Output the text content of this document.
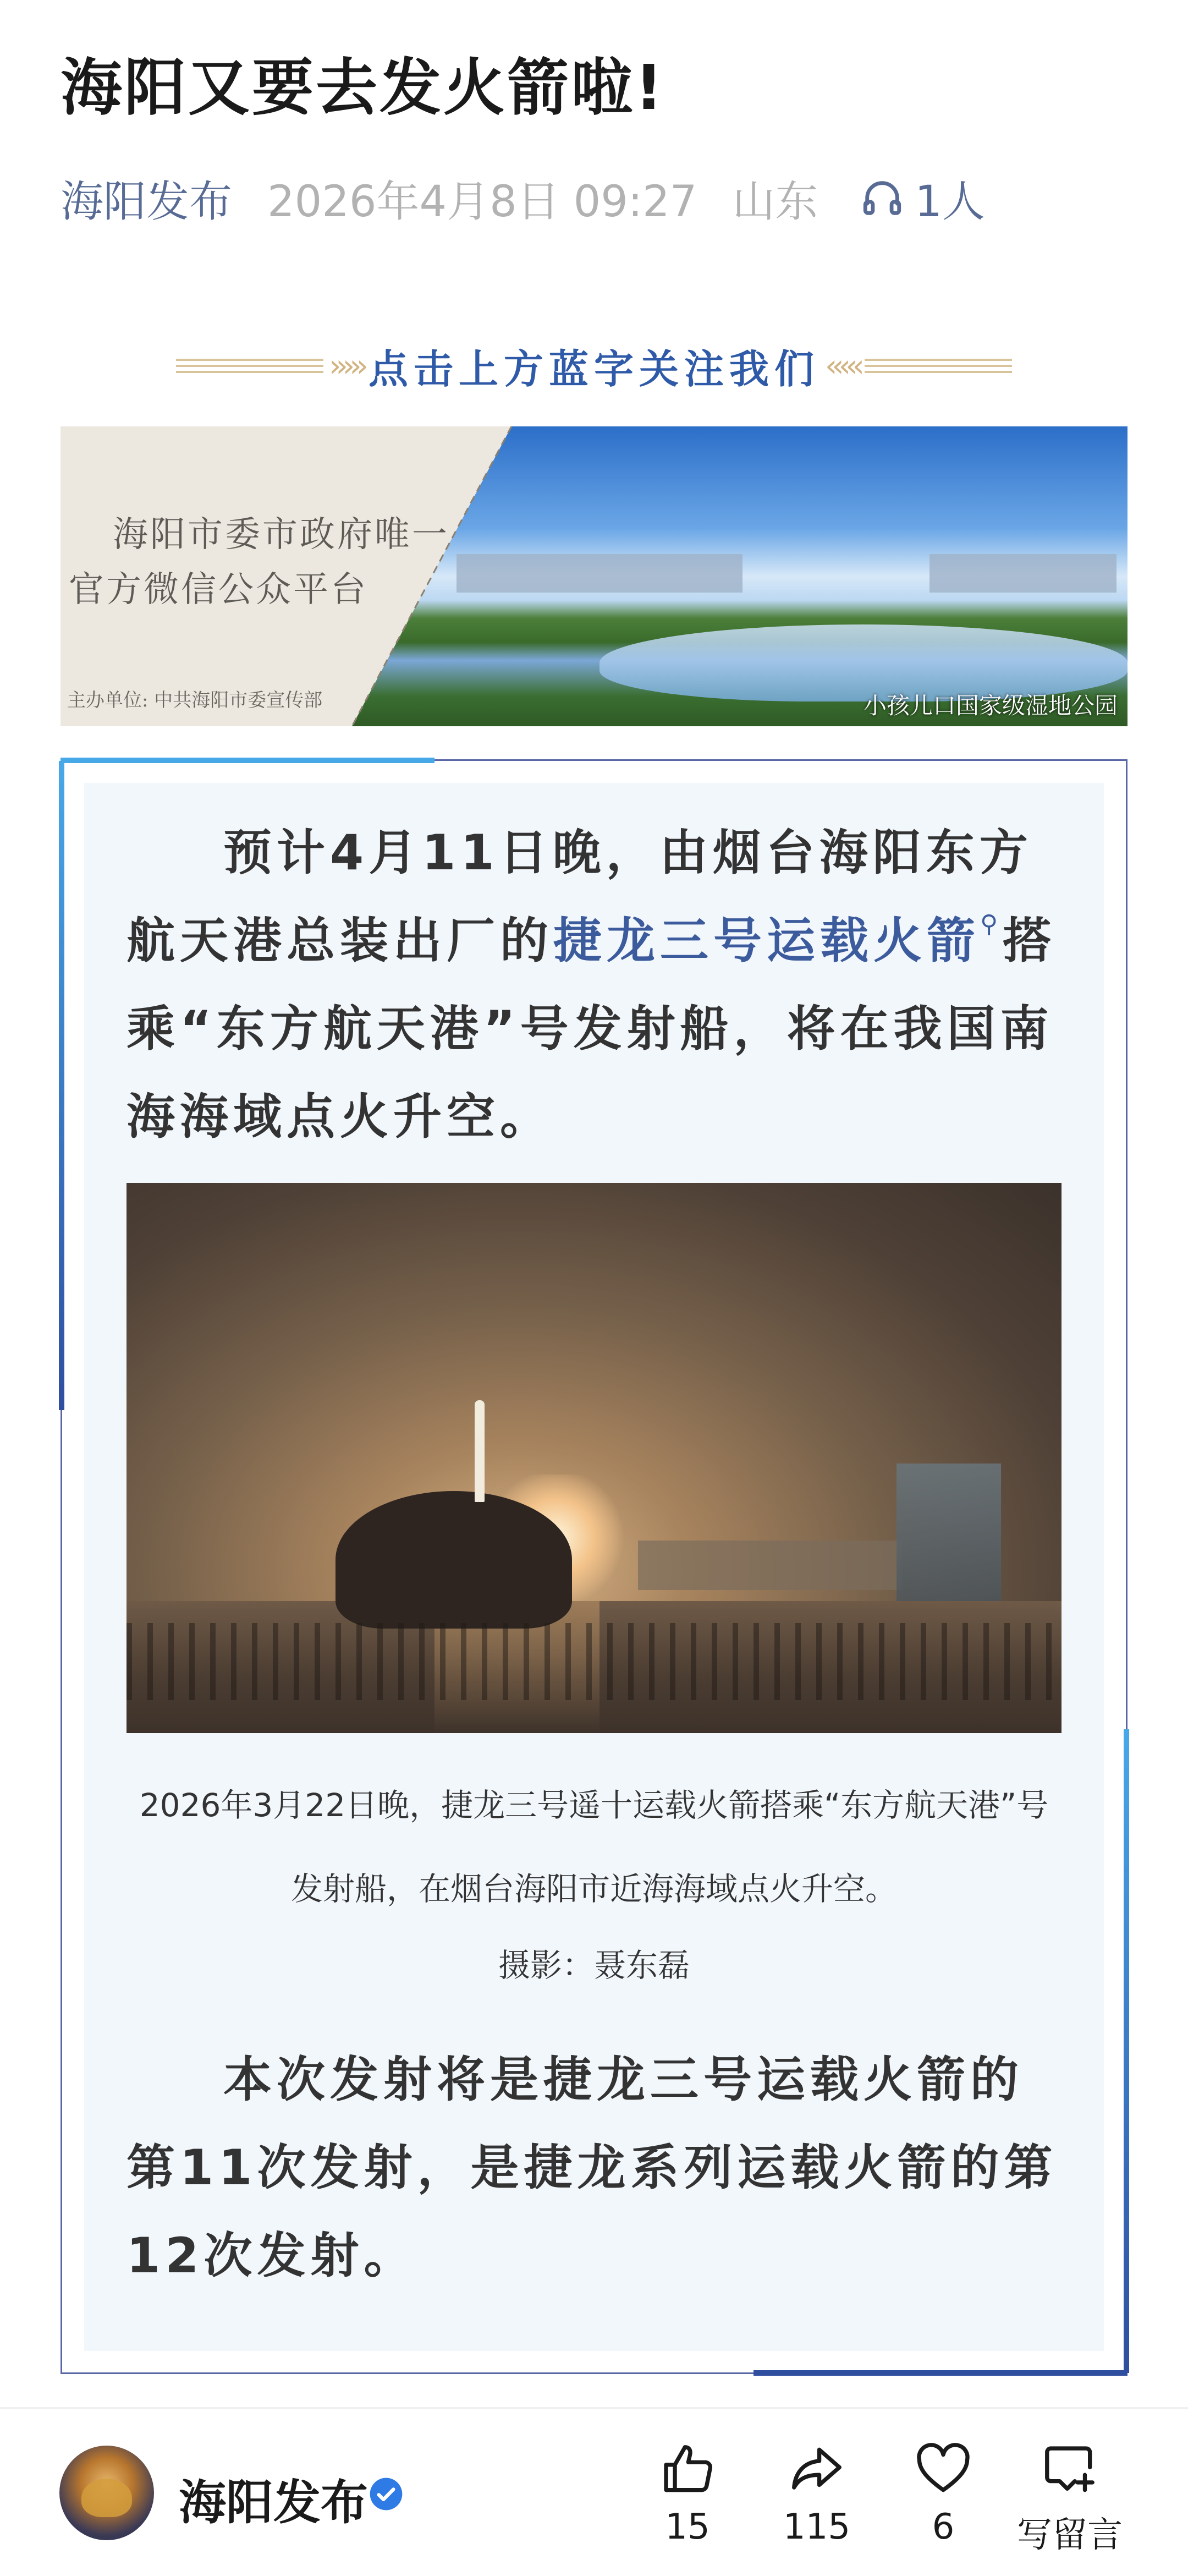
海阳又要去发火箭啦!
海阳发布 2026年4月8日 09:27 山东 1人
››››› 点击上方蓝字关注我们 ‹‹‹‹‹
海阳市委市政府唯一
官方微信公众平台
主办单位: 中共海阳市委宣传部	小孩儿口国家级湿地公园
预计4月11日晚，由烟台海阳东方航天港总装出厂的捷龙三号运载火箭⚲搭乘“东方航天港”号发射船，将在我国南海海域点火升空。
2026年3月22日晚，捷龙三号遥十运载火箭搭乘“东方航天港”号发射船，在烟台海阳市近海海域点火升空。
摄影：聂东磊
本次发射将是捷龙三号运载火箭的第11次发射，是捷龙系列运载火箭的第12次发射。
海阳发布	15	115	6	写留言
